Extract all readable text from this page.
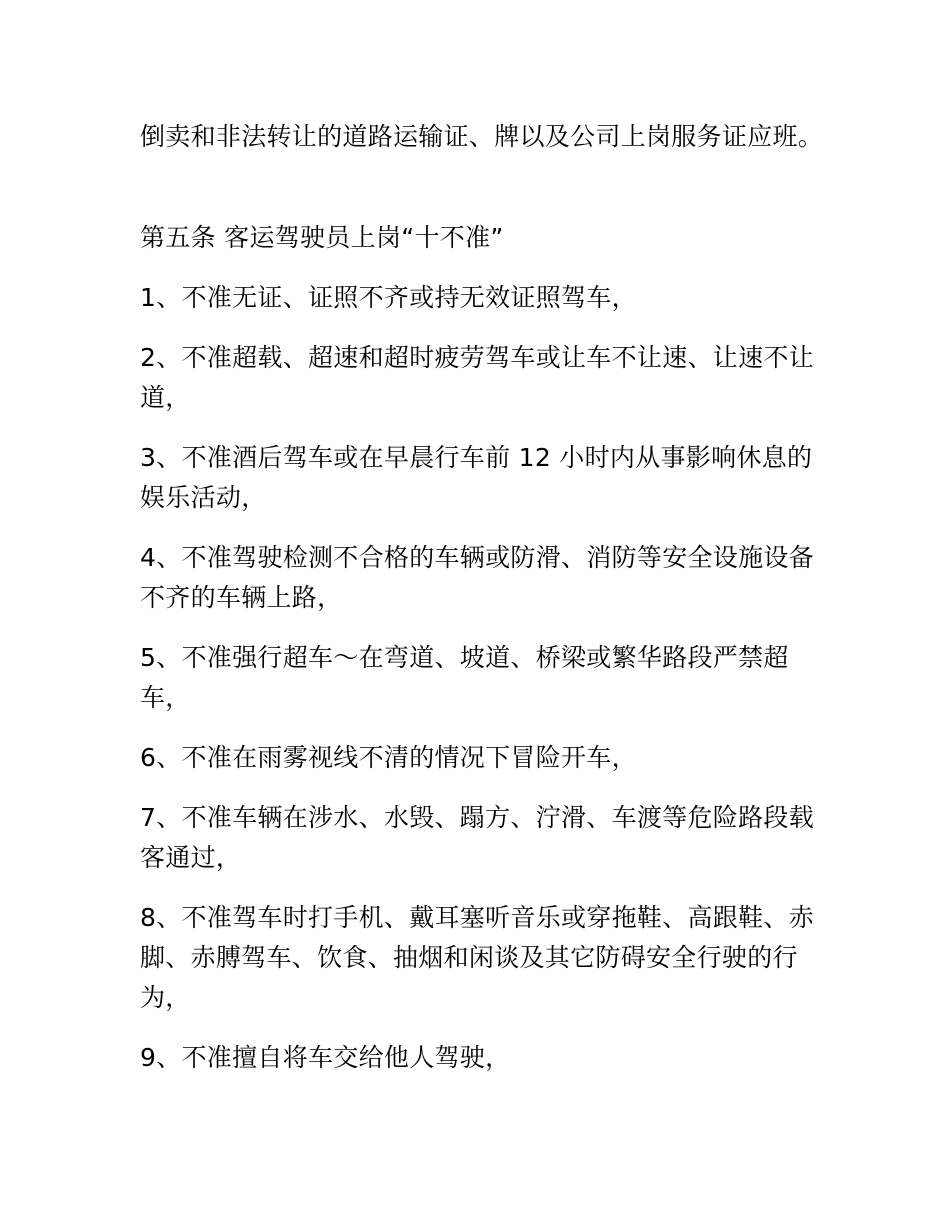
倒卖和非法转让的道路运输证、牌以及公司上岗服务证应班。
第五条 客运驾驶员上岗“十不准”
1、不准无证、证照不齐或持无效证照驾车，
2、不准超载、超速和超时疲劳驾车或让车不让速、让速不让道，
3、不准酒后驾车或在早晨行车前 12 小时内从事影响休息的娱乐活动，
4、不准驾驶检测不合格的车辆或防滑、消防等安全设施设备不齐的车辆上路，
5、不准强行超车～在弯道、坡道、桥梁或繁华路段严禁超车，
6、不准在雨雾视线不清的情况下冒险开车，
7、不准车辆在涉水、水毁、蹋方、泞滑、车渡等危险路段载客通过，
8、不准驾车时打手机、戴耳塞听音乐或穿拖鞋、高跟鞋、赤脚、赤膊驾车、饮食、抽烟和闲谈及其它防碍安全行驶的行为，
9、不准擅自将车交给他人驾驶，
